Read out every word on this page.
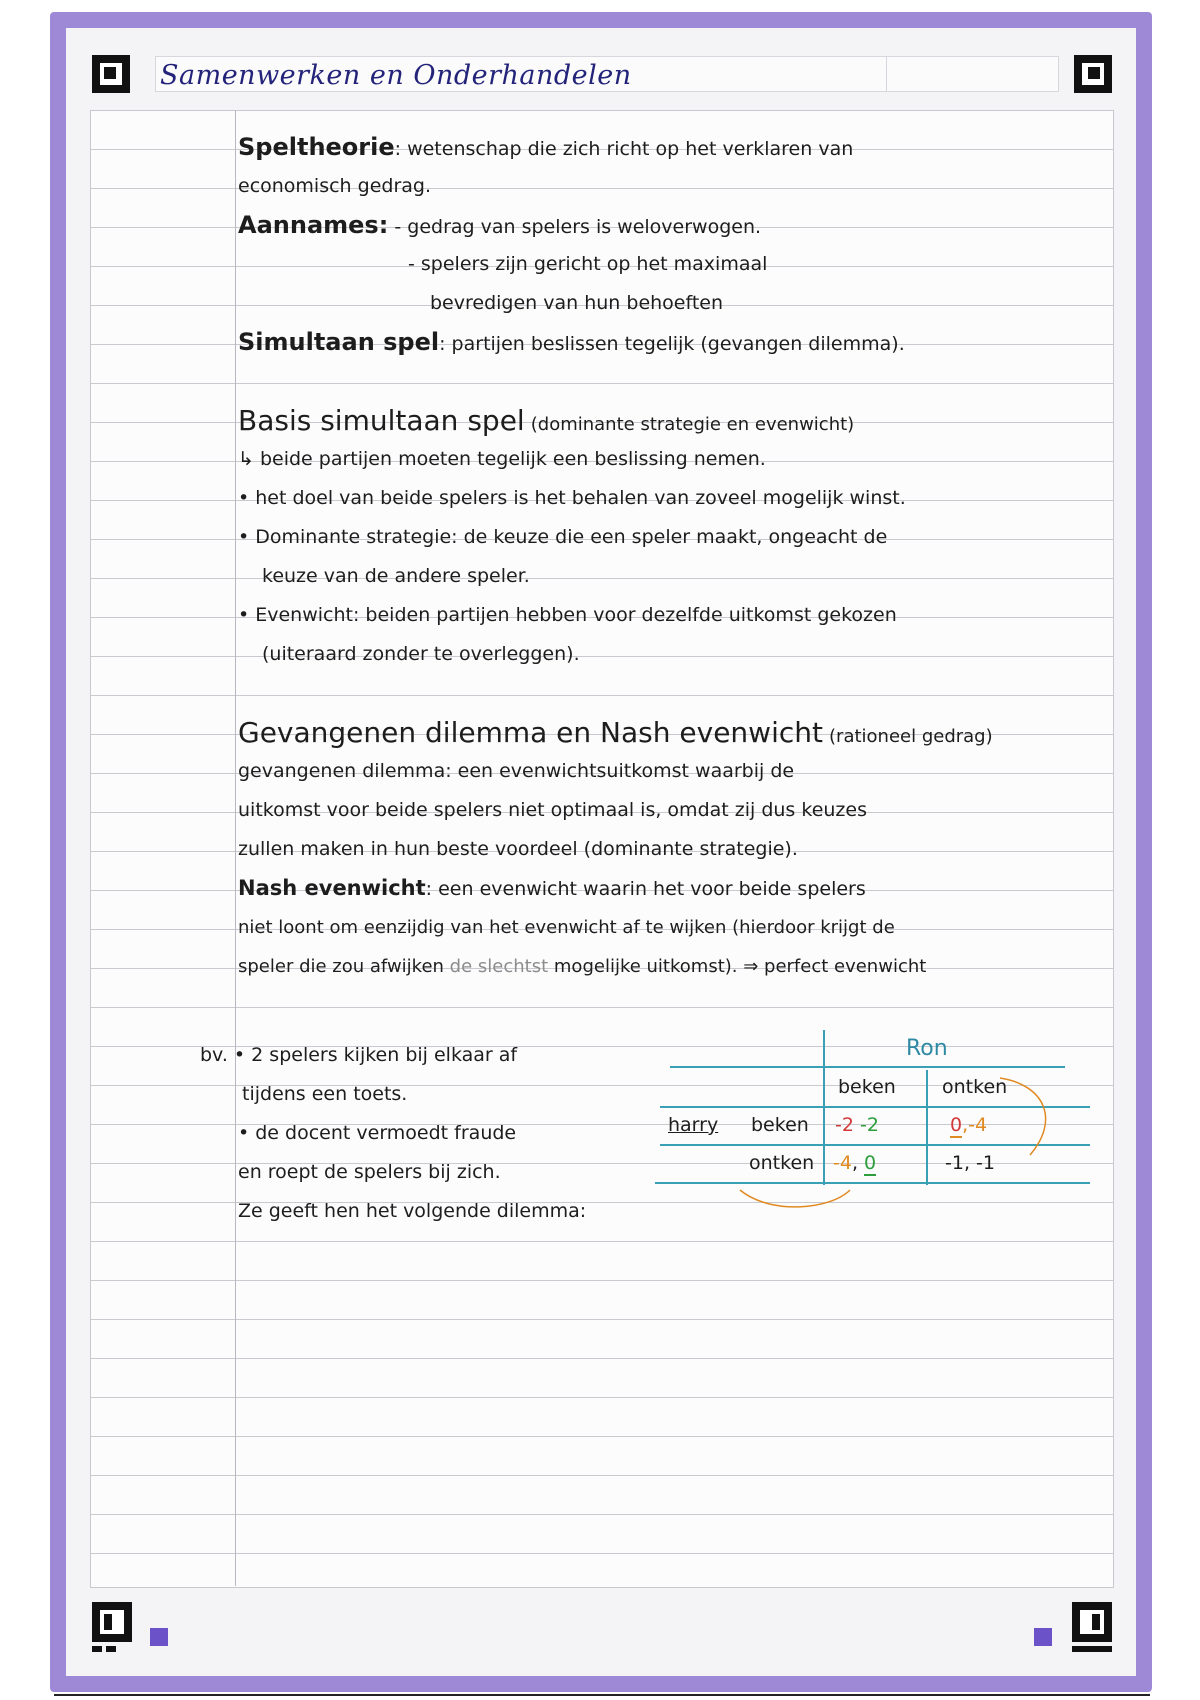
Samenwerken en Onderhandelen
Speltheorie: wetenschap die zich richt op het verklaren van
economisch gedrag.
Aannames: - gedrag van spelers is weloverwogen.
- spelers zijn gericht op het maximaal
bevredigen van hun behoeften
Simultaan spel: partijen beslissen tegelijk (gevangen dilemma).
Basis simultaan spel (dominante strategie en evenwicht)
↳ beide partijen moeten tegelijk een beslissing nemen.
• het doel van beide spelers is het behalen van zoveel mogelijk winst.
• Dominante strategie: de keuze die een speler maakt, ongeacht de
keuze van de andere speler.
• Evenwicht: beiden partijen hebben voor dezelfde uitkomst gekozen
(uiteraard zonder te overleggen).
Gevangenen dilemma en Nash evenwicht (rationeel gedrag)
gevangenen dilemma: een evenwichtsuitkomst waarbij de
uitkomst voor beide spelers niet optimaal is, omdat zij dus keuzes
zullen maken in hun beste voordeel (dominante strategie).
Nash evenwicht: een evenwicht waarin het voor beide spelers
niet loont om eenzijdig van het evenwicht af te wijken (hierdoor krijgt de
speler die zou afwijken de slechtst mogelijke uitkomst). ⇒ perfect evenwicht
bv. • 2 spelers kijken bij elkaar af
tijdens een toets.
• de docent vermoedt fraude
en roept de spelers bij zich.
Ze geeft hen het volgende dilemma:
Ron
beken ontken
harry beken
ontken
-2 -2	0,-4
-4, 0	-1, -1
